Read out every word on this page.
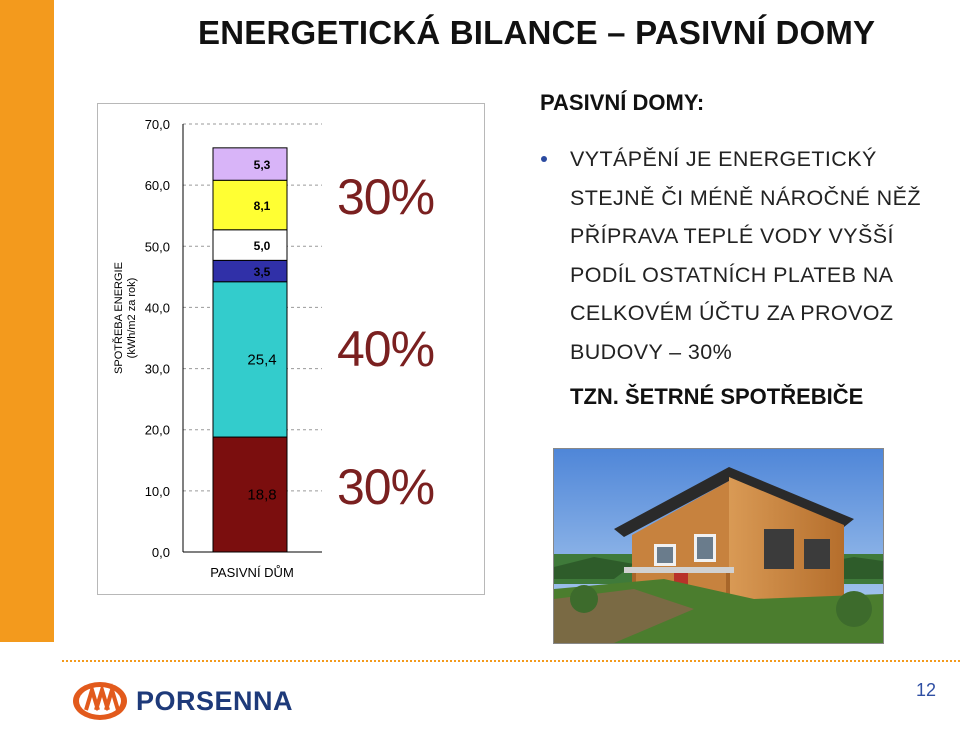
ENERGETICKÁ BILANCE – PASIVNÍ DOMY
SPOTŘEBA ENERGIE (kWh/m2 za rok)
0,0
10,0
20,0
30,0
40,0
50,0
60,0
70,0
18,8
25,4
3,5
5,0
8,1
5,3
PASIVNÍ DŮM
30%
40%
30%
PASIVNÍ DOMY:
VYTÁPĚNÍ JE ENERGETICKÝ STEJNĚ ČI MÉNĚ NÁROČNÉ NĚŽ PŘÍPRAVA TEPLÉ VODY VYŠŠÍ PODÍL OSTATNÍCH PLATEB NA CELKOVÉM ÚČTU ZA PROVOZ BUDOVY – 30%
TZN. ŠETRNÉ SPOTŘEBIČE
PORSENNA	12
